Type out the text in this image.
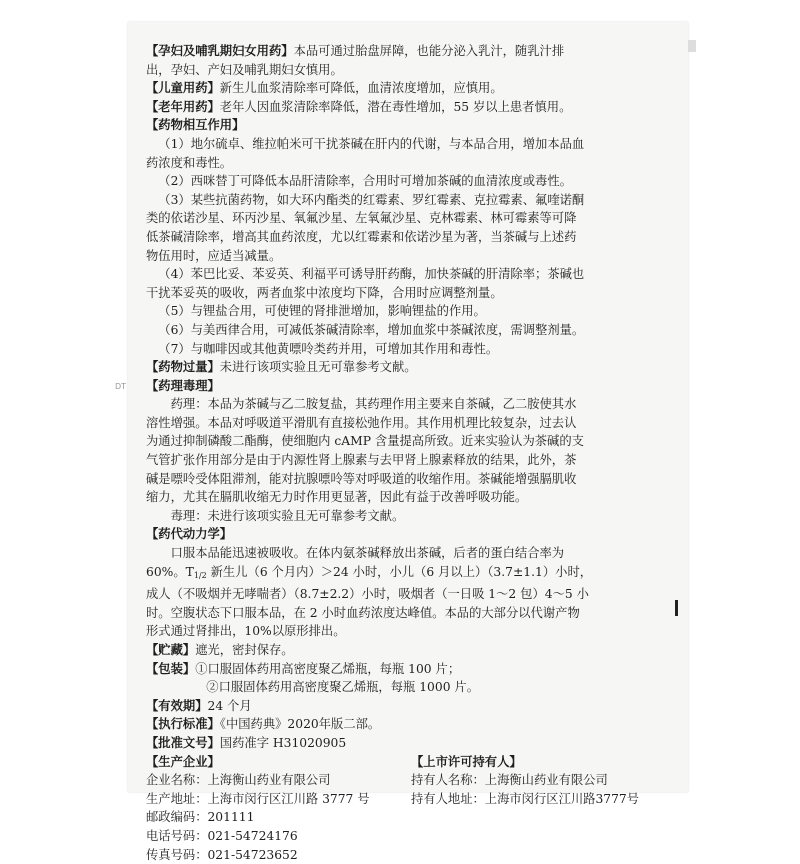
【孕妇及哺乳期妇女用药】本品可通过胎盘屏障，也能分泌入乳汁，随乳汁排
出，孕妇、产妇及哺乳期妇女慎用。
【儿童用药】新生儿血浆清除率可降低，血清浓度增加，应慎用。
【老年用药】老年人因血浆清除率降低，潜在毒性增加，55 岁以上患者慎用。
【药物相互作用】
（1）地尔硫卓、维拉帕米可干扰茶碱在肝内的代谢，与本品合用，增加本品血
药浓度和毒性。
（2）西咪替丁可降低本品肝清除率，合用时可增加茶碱的血清浓度或毒性。
（3）某些抗菌药物，如大环内酯类的红霉素、罗红霉素、克拉霉素、氟喹诺酮
类的依诺沙星、环丙沙星、氧氟沙星、左氧氟沙星、克林霉素、林可霉素等可降
低茶碱清除率，增高其血药浓度，尤以红霉素和依诺沙星为著，当茶碱与上述药
物伍用时，应适当减量。
（4）苯巴比妥、苯妥英、利福平可诱导肝药酶，加快茶碱的肝清除率；茶碱也
干扰苯妥英的吸收，两者血浆中浓度均下降，合用时应调整剂量。
（5）与锂盐合用，可使锂的肾排泄增加，影响锂盐的作用。
（6）与美西律合用，可减低茶碱清除率，增加血浆中茶碱浓度，需调整剂量。
（7）与咖啡因或其他黄嘌呤类药并用，可增加其作用和毒性。
【药物过量】未进行该项实验且无可靠参考文献。
【药理毒理】
药理：本品为茶碱与乙二胺复盐，其药理作用主要来自茶碱，乙二胺使其水
溶性增强。本品对呼吸道平滑肌有直接松弛作用。其作用机理比较复杂，过去认
为通过抑制磷酸二酯酶，使细胞内 cAMP 含量提高所致。近来实验认为茶碱的支
气管扩张作用部分是由于内源性肾上腺素与去甲肾上腺素释放的结果，此外，茶
碱是嘌呤受体阻滞剂，能对抗腺嘌呤等对呼吸道的收缩作用。茶碱能增强膈肌收
缩力，尤其在膈肌收缩无力时作用更显著，因此有益于改善呼吸功能。
毒理：未进行该项实验且无可靠参考文献。
【药代动力学】
口服本品能迅速被吸收。在体内氨茶碱释放出茶碱，后者的蛋白结合率为
60%。$T_{1/2}$ 新生儿（6 个月内）＞24 小时，小儿（6 月以上）（3.7±1.1）小时，
成人（不吸烟并无哮喘者）（8.7±2.2）小时，吸烟者（一日吸 1～2 包）4～5 小
时。空腹状态下口服本品，在 2 小时血药浓度达峰值。本品的大部分以代谢产物
形式通过肾排出，10%以原形排出。
【贮藏】遮光，密封保存。
【包装】①口服固体药用高密度聚乙烯瓶，每瓶 100 片；
②口服固体药用高密度聚乙烯瓶，每瓶 1000 片。
【有效期】24 个月
【执行标准】《中国药典》2020年版二部。
【批准文号】国药准字 H31020905
【生产企业】	【上市许可持有人】
企业名称：上海衡山药业有限公司	持有人名称：上海衡山药业有限公司
生产地址：上海市闵行区江川路 3777 号	持有人地址：上海市闵行区江川路3777号
邮政编码：201111
电话号码：021-54724176
传真号码：021-54723652
DT
